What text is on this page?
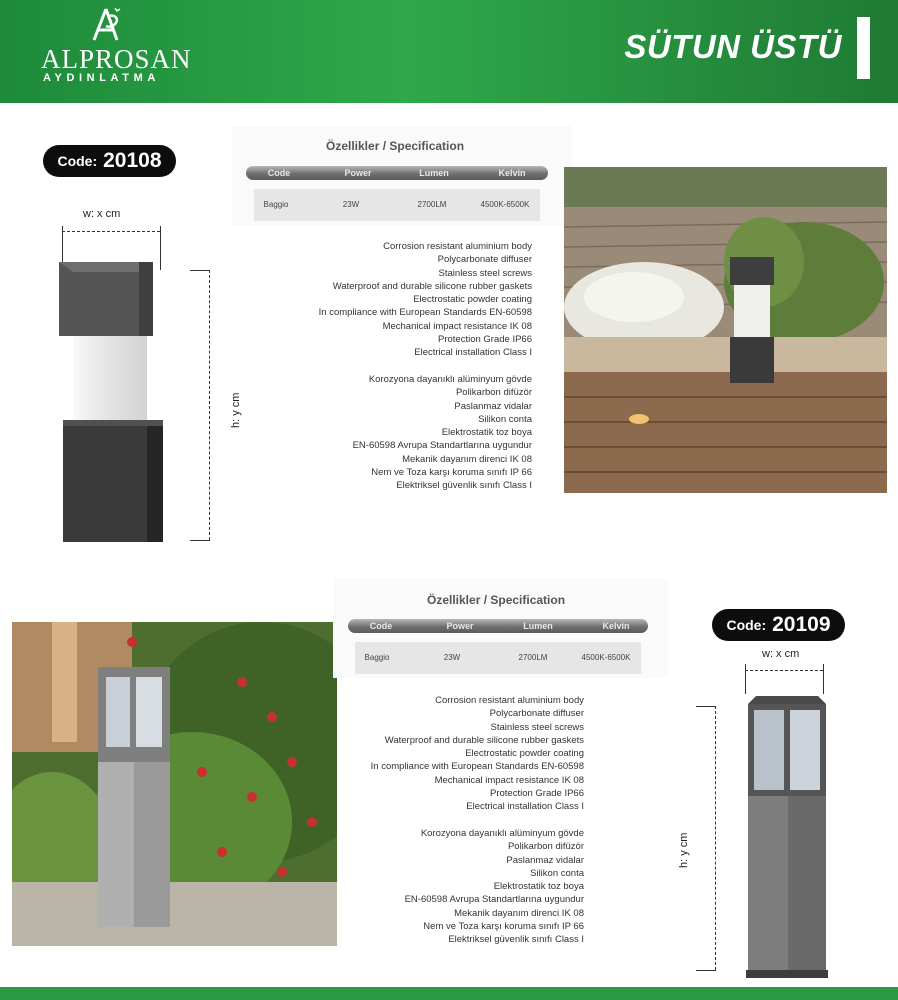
ALPROSAN
AYDINLATMA
SÜTUN ÜSTÜ
Code: 20108
w: x cm
h: y cm
Özellikler / Specification
Code	Power	Lumen	Kelvin
Baggio	23W	2700LM	4500K-6500K
Corrosion resistant aluminium body
Polycarbonate diffuser
Stainless steel screws
Waterproof and durable silicone rubber gaskets
Electrostatic powder coating
In compliance with European Standards EN-60598
Mechanical impact resistance IK 08
Protection Grade IP66
Electrical installation Class I
Korozyona dayanıklı alüminyum gövde
Polikarbon difüzör
Paslanmaz vidalar
Silikon conta
Elektrostatik toz boya
EN-60598 Avrupa Standartlarına uygundur
Mekanik dayanım direnci IK 08
Nem ve Toza karşı koruma sınıfı IP 66
Elektriksel güvenlik sınıfı Class I
Özellikler / Specification
Code	Power	Lumen	Kelvin
Baggio	23W	2700LM	4500K-6500K
Corrosion resistant aluminium body
Polycarbonate diffuser
Stainless steel screws
Waterproof and durable silicone rubber gaskets
Electrostatic powder coating
In compliance with European Standards EN-60598
Mechanical impact resistance IK 08
Protection Grade IP66
Electrical installation Class I
Korozyona dayanıklı alüminyum gövde
Polikarbon difüzör
Paslanmaz vidalar
Silikon conta
Elektrostatik toz boya
EN-60598 Avrupa Standartlarına uygundur
Mekanik dayanım direnci IK 08
Nem ve Toza karşı koruma sınıfı IP 66
Elektriksel güvenlik sınıfı Class I
Code: 20109
w: x cm
h: y cm
